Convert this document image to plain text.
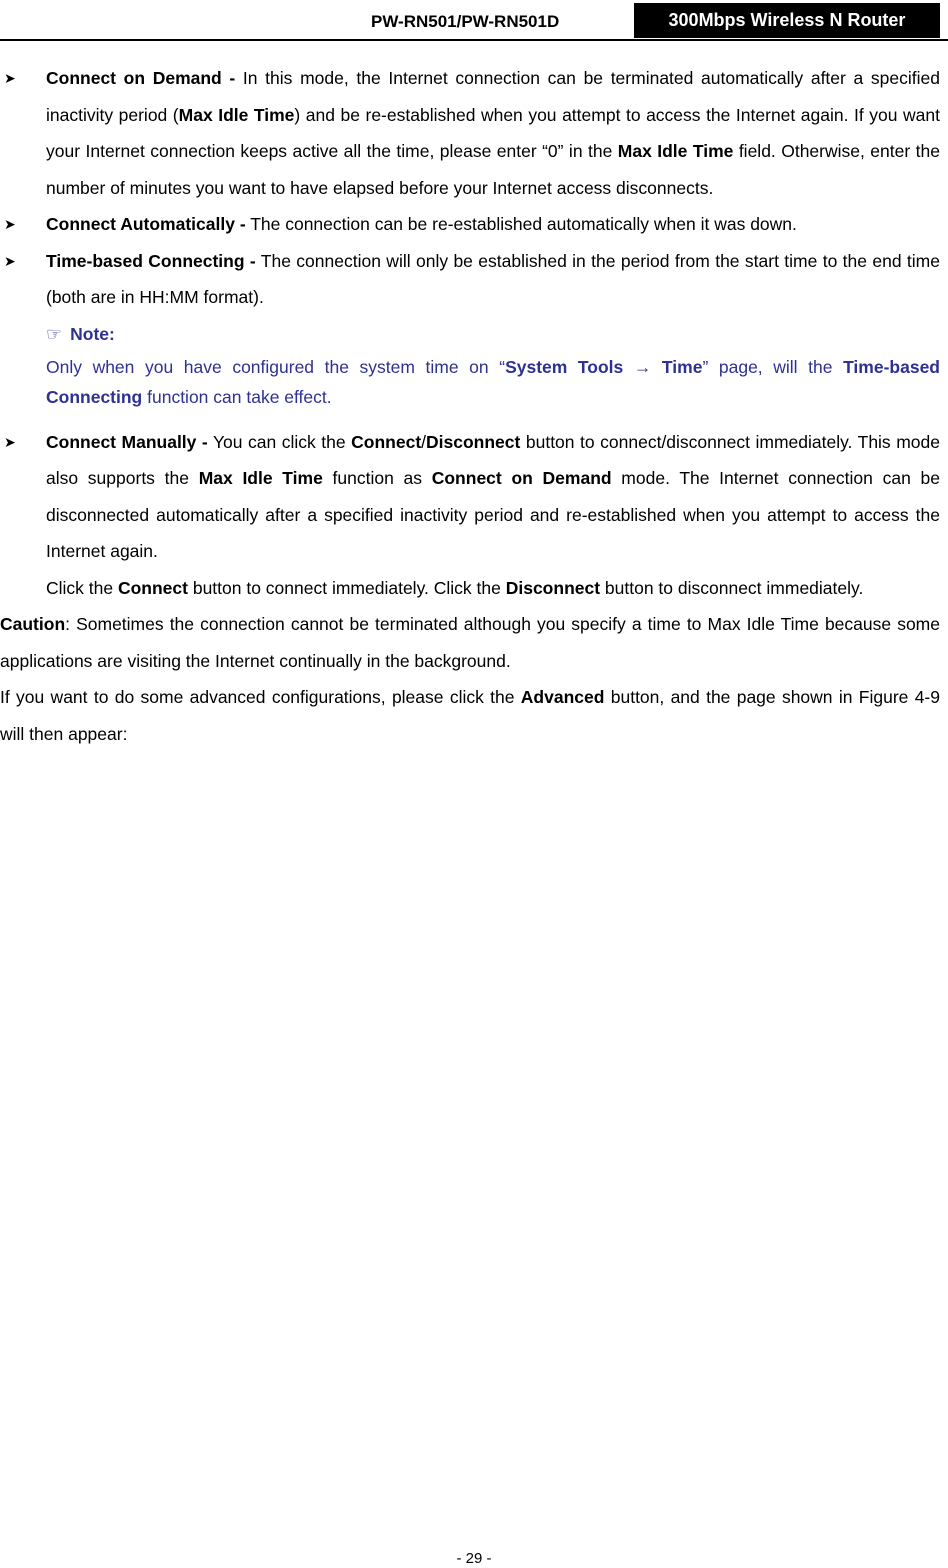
PW-RN501/PW-RN501D	300Mbps Wireless N Router

➤ Connect on Demand - In this mode, the Internet connection can be terminated automatically after a specified inactivity period (Max Idle Time) and be re-established when you attempt to access the Internet again. If you want your Internet connection keeps active all the time, please enter “0” in the Max Idle Time field. Otherwise, enter the number of minutes you want to have elapsed before your Internet access disconnects.

➤ Connect Automatically - The connection can be re-established automatically when it was down.

➤ Time-based Connecting - The connection will only be established in the period from the start time to the end time (both are in HH:MM format).

☞ Note:

Only when you have configured the system time on “System Tools → Time” page, will the Time-based Connecting function can take effect.

➤ Connect Manually - You can click the Connect/Disconnect button to connect/disconnect immediately. This mode also supports the Max Idle Time function as Connect on Demand mode. The Internet connection can be disconnected automatically after a specified inactivity period and re-established when you attempt to access the Internet again.

Click the Connect button to connect immediately. Click the Disconnect button to disconnect immediately.

Caution: Sometimes the connection cannot be terminated although you specify a time to Max Idle Time because some applications are visiting the Internet continually in the background.

If you want to do some advanced configurations, please click the Advanced button, and the page shown in Figure 4-9 will then appear:

- 29 -
